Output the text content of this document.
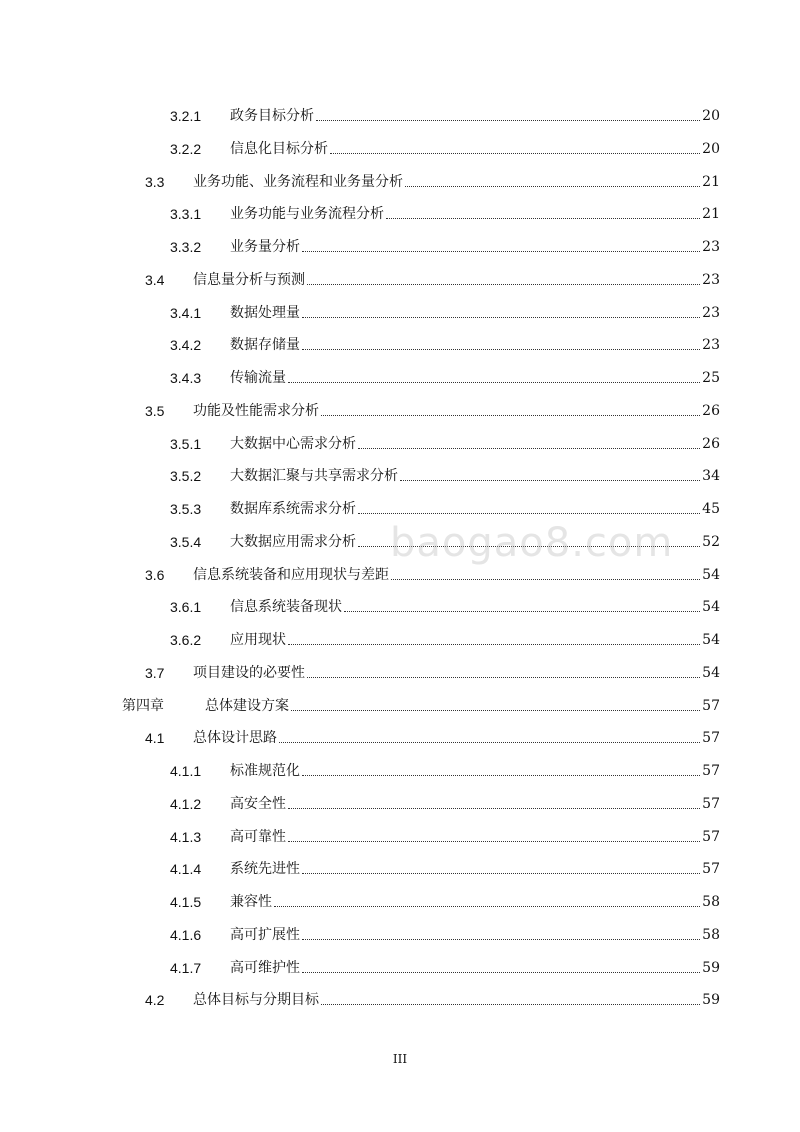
3.2.1	政务目标分析	20
3.2.2	信息化目标分析	20
3.3	业务功能、业务流程和业务量分析	21
3.3.1	业务功能与业务流程分析	21
3.3.2	业务量分析	23
3.4	信息量分析与预测	23
3.4.1	数据处理量	23
3.4.2	数据存储量	23
3.4.3	传输流量	25
3.5	功能及性能需求分析	26
3.5.1	大数据中心需求分析	26
3.5.2	大数据汇聚与共享需求分析	34
3.5.3	数据库系统需求分析	45
3.5.4	大数据应用需求分析	52
3.6	信息系统装备和应用现状与差距	54
3.6.1	信息系统装备现状	54
3.6.2	应用现状	54
3.7	项目建设的必要性	54
第四章	总体建设方案	57
4.1	总体设计思路	57
4.1.1	标准规范化	57
4.1.2	高安全性	57
4.1.3	高可靠性	57
4.1.4	系统先进性	57
4.1.5	兼容性	58
4.1.6	高可扩展性	58
4.1.7	高可维护性	59
4.2	总体目标与分期目标	59
baogao8.com
III
